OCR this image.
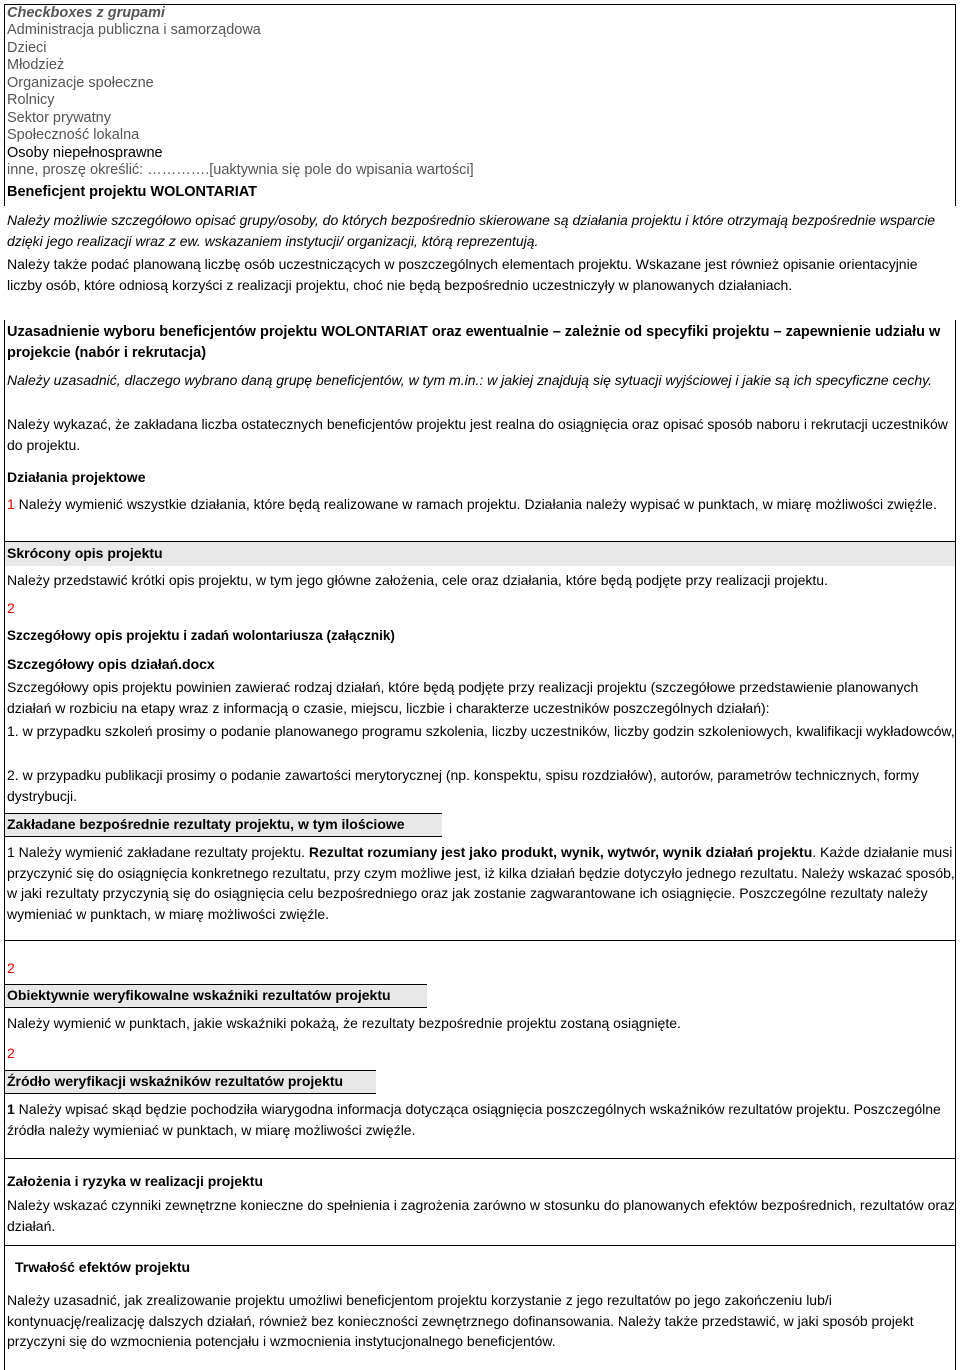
Checkboxes z grupami
Administracja publiczna i samorządowa
Dzieci
Młodzież
Organizacje społeczne
Rolnicy
Sektor prywatny
Społeczność lokalna
Osoby niepełnosprawne
inne, proszę określić: ………….[uaktywnia się pole do wpisania wartości]
Beneficjent projektu WOLONTARIAT

Należy możliwie szczegółowo opisać grupy/osoby, do których bezpośrednio skierowane są działania projektu i które otrzymają bezpośrednie wsparcie dzięki jego realizacji wraz z ew. wskazaniem instytucji/ organizacji, którą reprezentują.

Należy także podać planowaną liczbę osób uczestniczących w poszczególnych elementach projektu. Wskazane jest również opisanie orientacyjnie liczby osób, które odniosą korzyści z realizacji projektu, choć nie będą bezpośrednio uczestniczyły w planowanych działaniach.

Uzasadnienie wyboru beneficjentów projektu WOLONTARIAT oraz ewentualnie – zależnie od specyfiki projektu – zapewnienie udziału w projekcie (nabór i rekrutacja)

Należy uzasadnić, dlaczego wybrano daną grupę beneficjentów, w tym m.in.: w jakiej znajdują się sytuacji wyjściowej i jakie są ich specyficzne cechy.

Należy wykazać, że zakładana liczba ostatecznych beneficjentów projektu jest realna do osiągnięcia oraz opisać sposób naboru i rekrutacji uczestników do projektu.

Działania projektowe

1 Należy wymienić wszystkie działania, które będą realizowane w ramach projektu. Działania należy wypisać w punktach, w miarę możliwości zwięźle.

Skrócony opis projektu

Należy przedstawić krótki opis projektu, w tym jego główne założenia, cele oraz działania, które będą podjęte przy realizacji projektu.

2
Szczegółowy opis projektu i zadań wolontariusza (załącznik)
Szczegółowy opis działań.docx

Szczegółowy opis projektu powinien zawierać rodzaj działań, które będą podjęte przy realizacji projektu (szczegółowe przedstawienie planowanych działań w rozbiciu na etapy wraz z informacją o czasie, miejscu, liczbie i charakterze uczestników poszczególnych działań):

1. w przypadku szkoleń prosimy o podanie planowanego programu szkolenia, liczby uczestników, liczby godzin szkoleniowych, kwalifikacji wykładowców,

2. w przypadku publikacji prosimy o podanie zawartości merytorycznej (np. konspektu, spisu rozdziałów), autorów, parametrów technicznych, formy dystrybucji.

Zakładane bezpośrednie rezultaty projektu, w tym ilościowe

1 Należy wymienić zakładane rezultaty projektu. Rezultat rozumiany jest jako produkt, wynik, wytwór, wynik działań projektu. Każde działanie musi przyczynić się do osiągnięcia konkretnego rezultatu, przy czym możliwe jest, iż kilka działań będzie dotyczyło jednego rezultatu. Należy wskazać sposób, w jaki rezultaty przyczynią się do osiągnięcia celu bezpośredniego oraz jak zostanie zagwarantowane ich osiągnięcie. Poszczególne rezultaty należy wymieniać w punktach, w miarę możliwości zwięźle.

2
Obiektywnie weryfikowalne wskaźniki rezultatów projektu

Należy wymienić w punktach, jakie wskaźniki pokażą, że rezultaty bezpośrednie projektu zostaną osiągnięte.

2
Źródło weryfikacji wskaźników rezultatów projektu

1 Należy wpisać skąd będzie pochodziła wiarygodna informacja dotycząca osiągnięcia poszczególnych wskaźników rezultatów projektu. Poszczególne źródła należy wymieniać w punktach, w miarę możliwości zwięźle.

Założenia i ryzyka w realizacji projektu

Należy wskazać czynniki zewnętrzne konieczne do spełnienia i zagrożenia zarówno w stosunku do planowanych efektów bezpośrednich, rezultatów oraz działań.

Trwałość efektów projektu

Należy uzasadnić, jak zrealizowanie projektu umożliwi beneficjentom projektu korzystanie z jego rezultatów po jego zakończeniu lub/i kontynuację/realizację dalszych działań, również bez konieczności zewnętrznego dofinansowania. Należy także przedstawić, w jaki sposób projekt przyczyni się do wzmocnienia potencjału i wzmocnienia instytucjonalnego beneficjentów.
